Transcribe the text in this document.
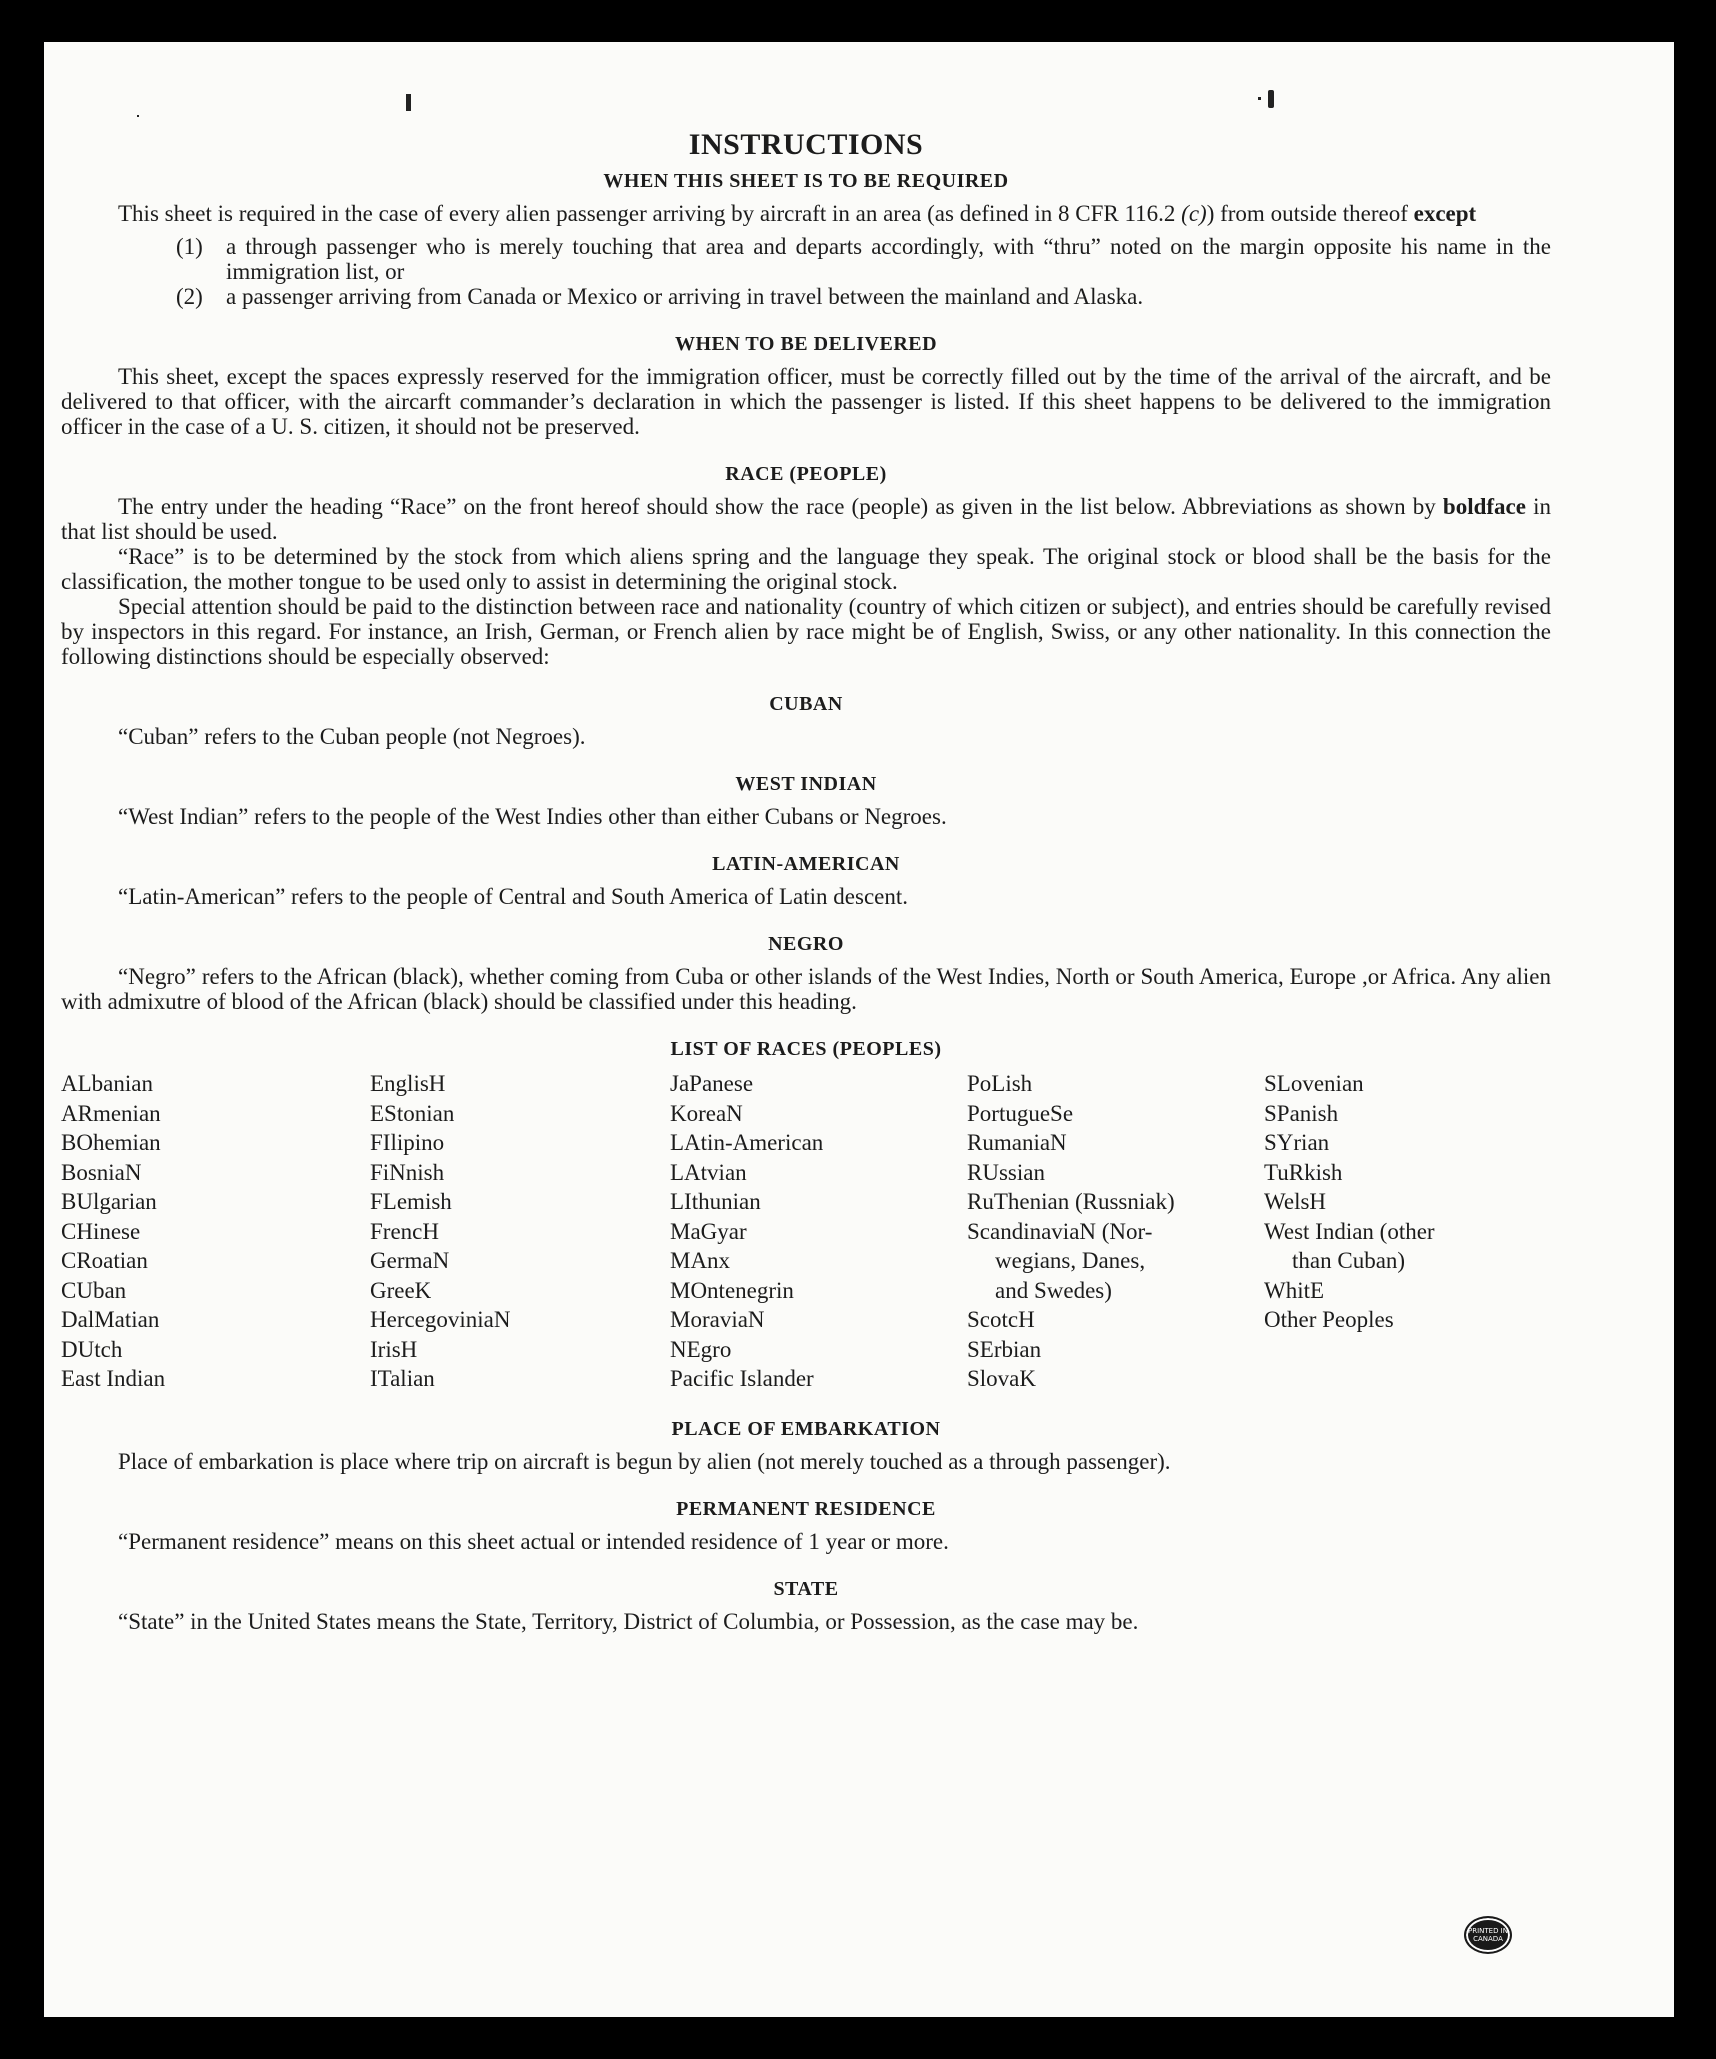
INSTRUCTIONS
WHEN THIS SHEET IS TO BE REQUIRED

This sheet is required in the case of every alien passenger arriving by aircraft in an area (as defined in 8 CFR 116.2 (c)) from outside thereof except

(1)	a through passenger who is merely touching that area and departs accordingly, with “thru” noted on the margin opposite his name in the immigration list, or
(2)	a passenger arriving from Canada or Mexico or arriving in travel between the mainland and Alaska.
WHEN TO BE DELIVERED

This sheet, except the spaces expressly reserved for the immigration officer, must be correctly filled out by the time of the arrival of the aircraft, and be delivered to that officer, with the aircarft commander’s declaration in which the passenger is listed. If this sheet happens to be delivered to the immigration officer in the case of a U. S. citizen, it should not be preserved.

RACE (PEOPLE)

The entry under the heading “Race” on the front hereof should show the race (people) as given in the list below. Abbreviations as shown by boldface in that list should be used.

“Race” is to be determined by the stock from which aliens spring and the language they speak. The original stock or blood shall be the basis for the classification, the mother tongue to be used only to assist in determining the original stock.

Special attention should be paid to the distinction between race and nationality (country of which citizen or subject), and entries should be carefully revised by inspectors in this regard. For instance, an Irish, German, or French alien by race might be of English, Swiss, or any other nationality. In this connection the following distinctions should be especially observed:

CUBAN

“Cuban” refers to the Cuban people (not Negroes).

WEST INDIAN

“West Indian” refers to the people of the West Indies other than either Cubans or Negroes.

LATIN-AMERICAN

“Latin-American” refers to the people of Central and South America of Latin descent.

NEGRO

“Negro” refers to the African (black), whether coming from Cuba or other islands of the West Indies, North or South America, Europe ,or Africa. Any alien with admixutre of blood of the African (black) should be classified under this heading.

LIST OF RACES (PEOPLES)
ALbanian
ARmenian
BOhemian
BosniaN
BUlgarian
CHinese
CRoatian
CUban
DalMatian
DUtch
East Indian
EnglisH
EStonian
FIlipino
FiNnish
FLemish
FrencH
GermaN
GreeK
HercegoviniaN
IrisH
ITalian
JaPanese
KoreaN
LAtin-American
LAtvian
LIthunian
MaGyar
MAnx
MOntenegrin
MoraviaN
NEgro
Pacific Islander
PoLish
PortugueSe
RumaniaN
RUssian
RuThenian (Russniak)
ScandinaviaN (Nor-
wegians, Danes,
and Swedes)
ScotcH
SErbian
SlovaK
SLovenian
SPanish
SYrian
TuRkish
WelsH
West Indian (other
than Cuban)
WhitE
Other Peoples
PLACE OF EMBARKATION

Place of embarkation is place where trip on aircraft is begun by alien (not merely touched as a through passenger).

PERMANENT RESIDENCE

“Permanent residence” means on this sheet actual or intended residence of 1 year or more.

STATE

“State” in the United States means the State, Territory, District of Columbia, or Possession, as the case may be.

PRINTED IN CANADA
